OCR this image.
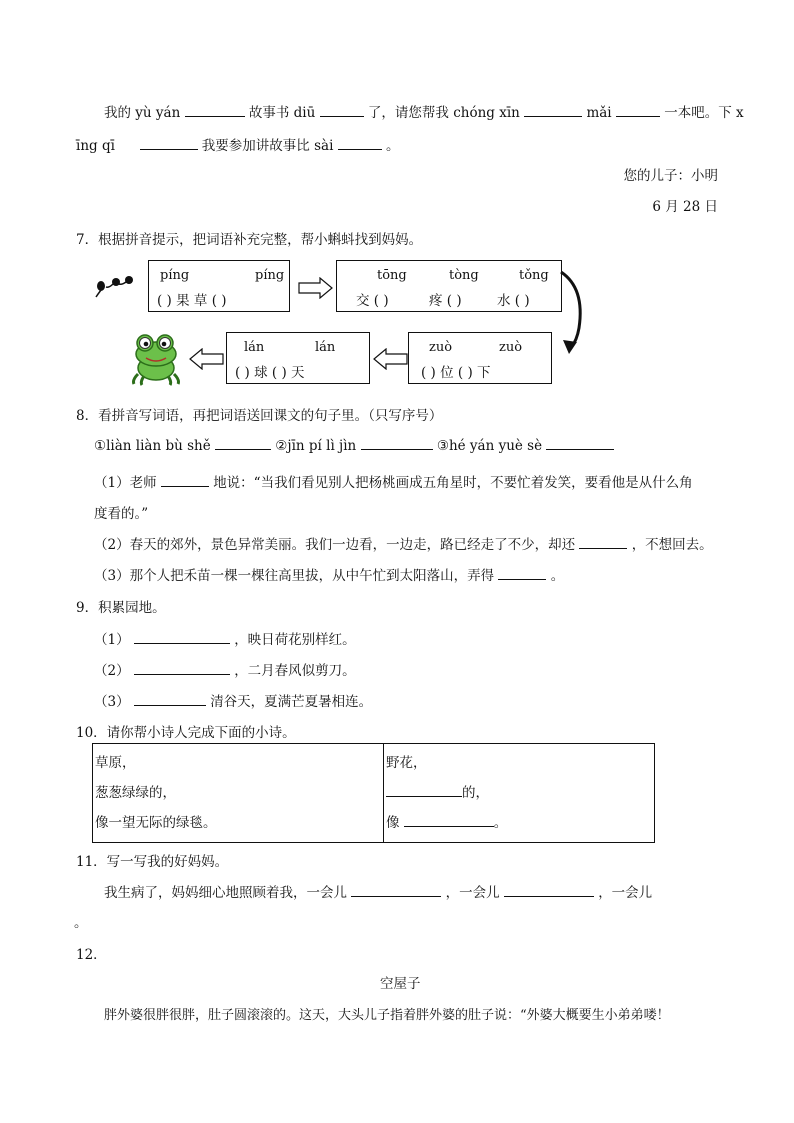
我的 yù yán	故事书 diū	了，请您帮我 chóng xīn	mǎi	一本吧。下 x
īng qī	我要参加讲故事比 sài	。
您的儿子：小明
6 月 28 日
7．根据拼音提示，把词语补充完整，帮小蝌蚪找到妈妈。
píng	píng
( ) 果 草 ( )
tōng	tòng	tǒng
交 ( )	疼 ( )	水 ( )
zuò	zuò
( ) 位 ( ) 下
lán	lán
( ) 球 ( ) 天
8．看拼音写词语，再把词语送回课文的句子里。（只写序号）
①liàn liàn bù shě	②jīn pí lì jìn	③hé yán yuè sè
（1）老师	地说：“当我们看见别人把杨桃画成五角星时，不要忙着发笑，要看他是从什么角
度看的。”
（2）春天的郊外，景色异常美丽。我们一边看，一边走，路已经走了不少，却还	，不想回去。
（3）那个人把禾苗一棵一棵往高里拔，从中午忙到太阳落山，弄得	。
9．积累园地。
（1）	，映日荷花别样红。
（2）	，二月春风似剪刀。
（3）	清谷天，夏满芒夏暑相连。
10．请你帮小诗人完成下面的小诗。
草原，
葱葱绿绿的，
像一望无际的绿毯。

野花，
的，
像	。
11．写一写我的好妈妈。
我生病了，妈妈细心地照顾着我，一会儿	，一会儿	，一会儿
。
12．
空屋子
胖外婆很胖很胖，肚子圆滚滚的。这天，大头儿子指着胖外婆的肚子说：“外婆大概要生小弟弟喽！
